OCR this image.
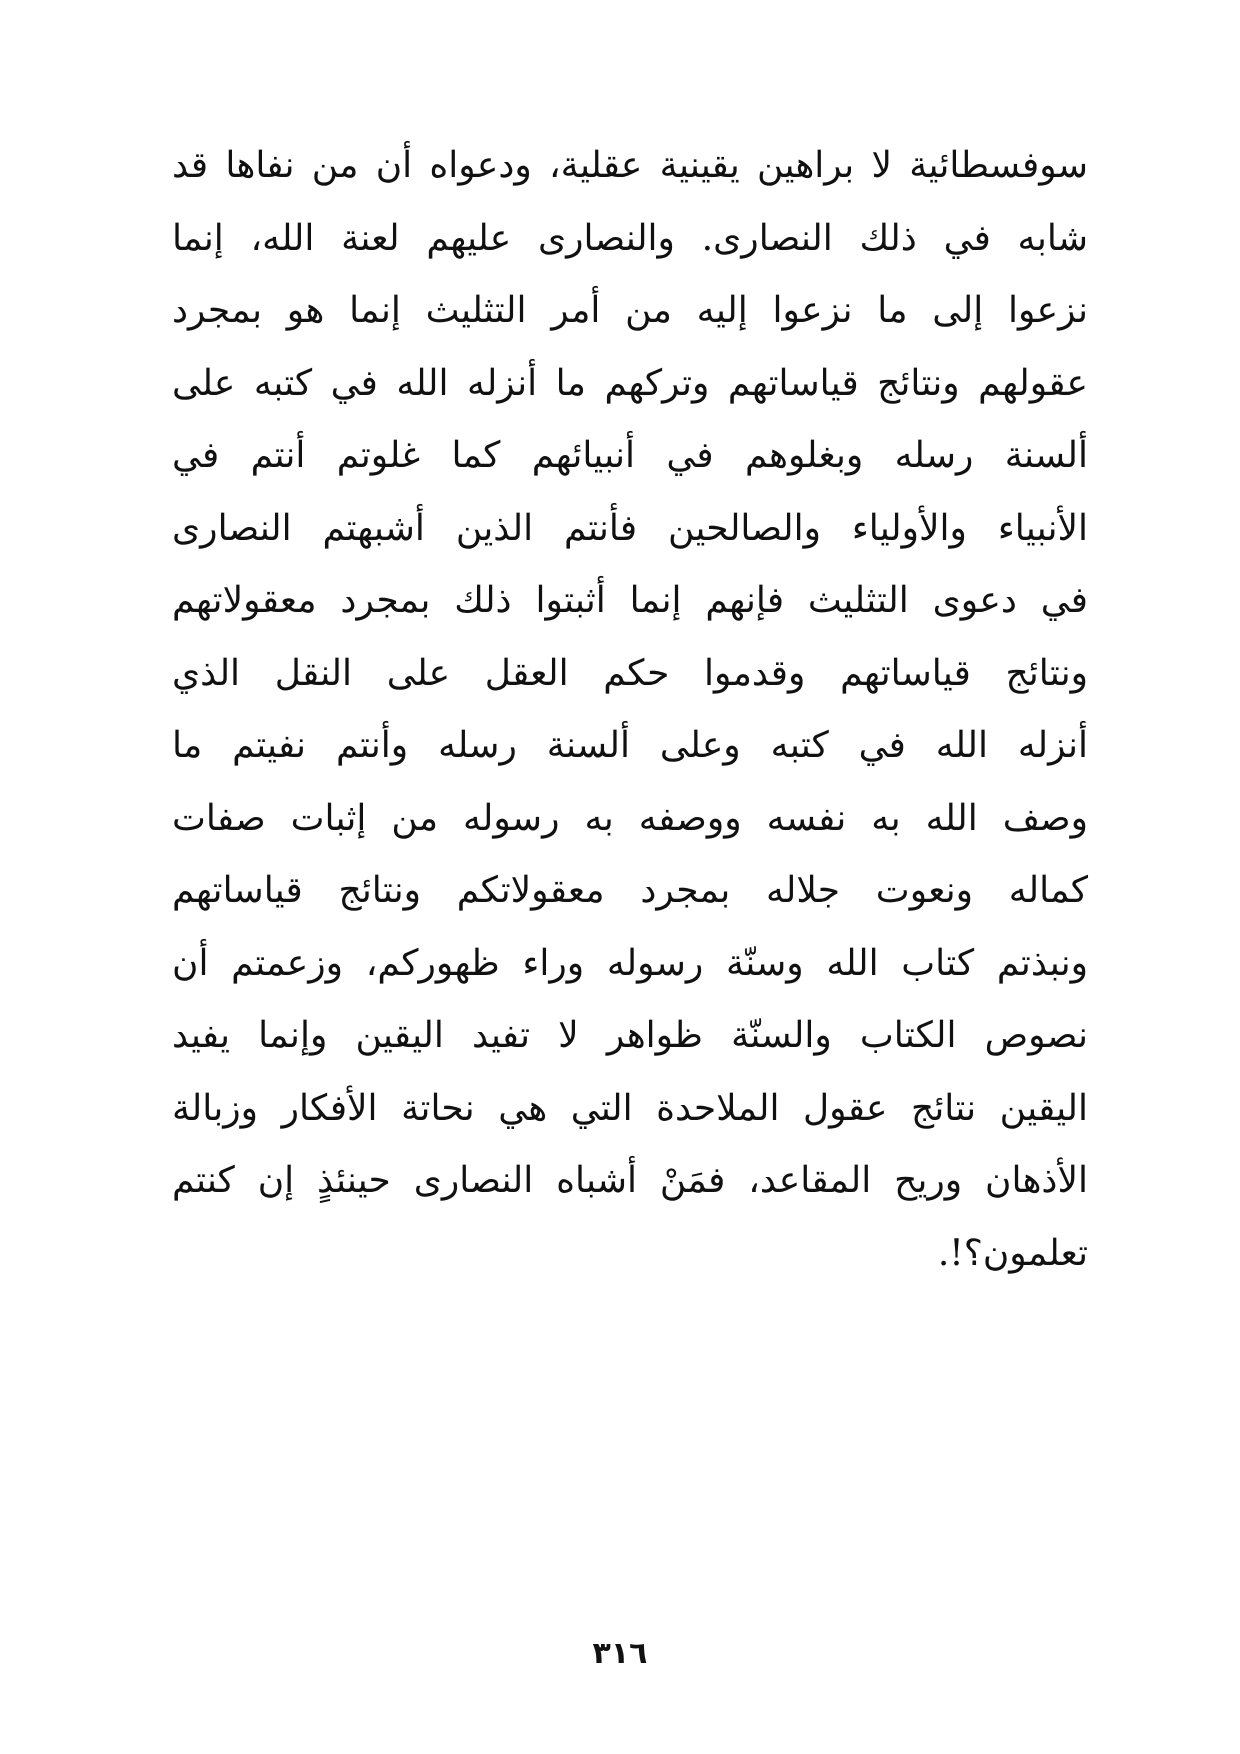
سوفسطائية لا براهين يقينية عقلية، ودعواه أن من نفاها قد
شابه في ذلك النصارى. والنصارى عليهم لعنة الله، إنما
نزعوا إلى ما نزعوا إليه من أمر التثليث إنما هو بمجرد
عقولهم ونتائج قياساتهم وتركهم ما أنزله الله في كتبه على
ألسنة رسله وبغلوهم في أنبيائهم كما غلوتم أنتم في
الأنبياء والأولياء والصالحين فأنتم الذين أشبهتم النصارى
في دعوى التثليث فإنهم إنما أثبتوا ذلك بمجرد معقولاتهم
ونتائج قياساتهم وقدموا حكم العقل على النقل الذي
أنزله الله في كتبه وعلى ألسنة رسله وأنتم نفيتم ما
وصف الله به نفسه ووصفه به رسوله من إثبات صفات
كماله ونعوت جلاله بمجرد معقولاتكم ونتائج قياساتهم
ونبذتم كتاب الله وسنّة رسوله وراء ظهوركم، وزعمتم أن
نصوص الكتاب والسنّة ظواهر لا تفيد اليقين وإنما يفيد
اليقين نتائج عقول الملاحدة التي هي نحاتة الأفكار وزبالة
الأذهان وريح المقاعد، فمَنْ أشباه النصارى حينئذٍ إن كنتم
تعلمون؟!.
٣١٦
